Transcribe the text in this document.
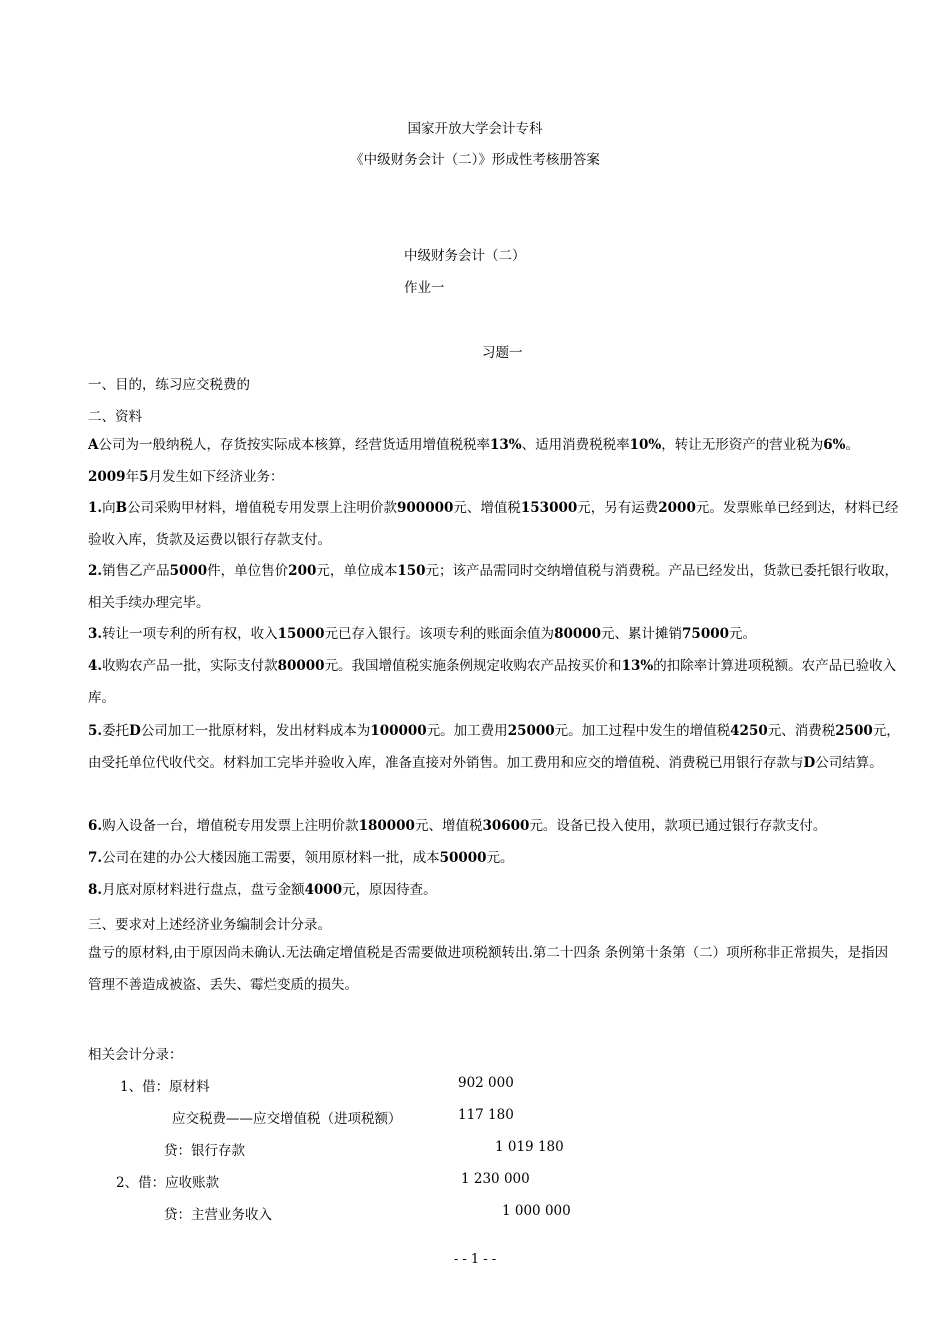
国家开放大学会计专科
《中级财务会计（二）》形成性考核册答案
中级财务会计（二）
作业一
习题一
一、目的，练习应交税费的
二、资料
A公司为一般纳税人，存货按实际成本核算，经营货适用增值税税率13%、适用消费税税率10%，转让无形资产的营业税为6%。
2009年5月发生如下经济业务：
1.向B公司采购甲材料，增值税专用发票上注明价款900000元、增值税153000元，另有运费2000元。发票账单已经到达，材料已经验收入库，货款及运费以银行存款支付。
2.销售乙产品5000件，单位售价200元，单位成本150元；该产品需同时交纳增值税与消费税。产品已经发出，货款已委托银行收取，相关手续办理完毕。
3.转让一项专利的所有权，收入15000元已存入银行。该项专利的账面余值为80000元、累计摊销75000元。
4.收购农产品一批，实际支付款80000元。我国增值税实施条例规定收购农产品按买价和13%的扣除率计算进项税额。农产品已验收入库。
5.委托D公司加工一批原材料，发出材料成本为100000元。加工费用25000元。加工过程中发生的增值税4250元、消费税2500元，由受托单位代收代交。材料加工完毕并验收入库，准备直接对外销售。加工费用和应交的增值税、消费税已用银行存款与D公司结算。
6.购入设备一台，增值税专用发票上注明价款180000元、增值税30600元。设备已投入使用，款项已通过银行存款支付。
7.公司在建的办公大楼因施工需要，领用原材料一批，成本50000元。
8.月底对原材料进行盘点，盘亏金额4000元，原因待查。
三、要求对上述经济业务编制会计分录。
盘亏的原材料,由于原因尚未确认.无法确定增值税是否需要做进项税额转出.第二十四条 条例第十条第（二）项所称非正常损失，是指因管理不善造成被盗、丢失、霉烂变质的损失。
相关会计分录：
1、借：原材料	902 000
应交税费——应交增值税（进项税额）	117 180
贷：银行存款	1 019 180
2、借：应收账款	1 230 000
贷：主营业务收入	1 000 000
- - 1 - -
